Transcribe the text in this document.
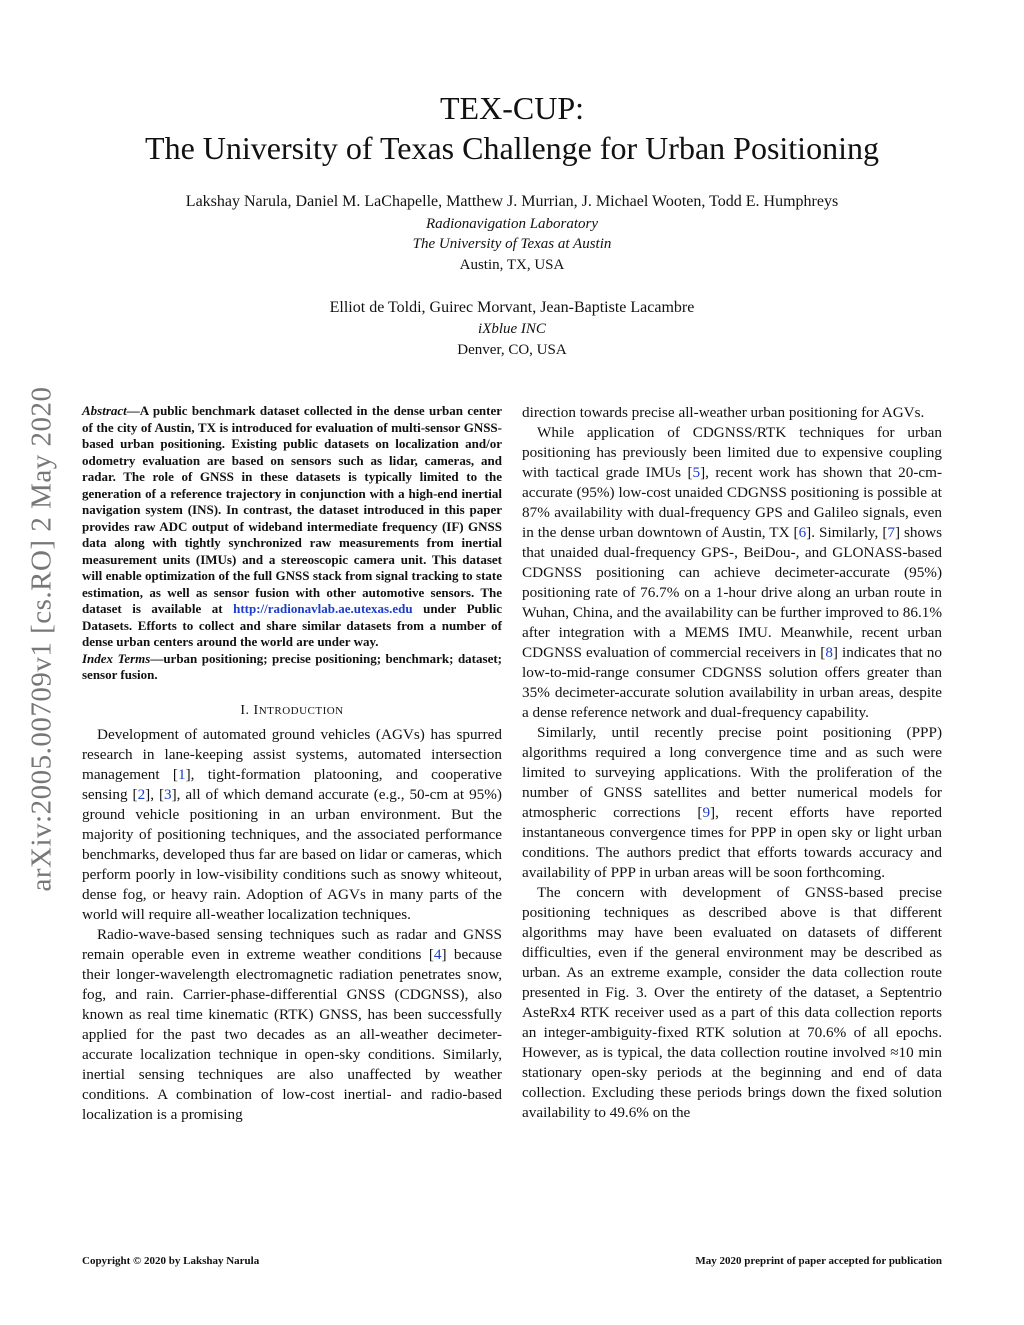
TEX-CUP:
The University of Texas Challenge for Urban Positioning
Lakshay Narula, Daniel M. LaChapelle, Matthew J. Murrian, J. Michael Wooten, Todd E. Humphreys
Radionavigation Laboratory
The University of Texas at Austin
Austin, TX, USA
Elliot de Toldi, Guirec Morvant, Jean-Baptiste Lacambre
iXblue INC
Denver, CO, USA
arXiv:2005.00709v1 [cs.RO] 2 May 2020 Abstract—A public benchmark dataset collected in the dense urban center of the city of Austin, TX is introduced for evaluation of multi-sensor GNSS-based urban positioning. Existing public datasets on localization and/or odometry evaluation are based on sensors such as lidar, cameras, and radar. The role of GNSS in these datasets is typically limited to the generation of a reference trajectory in conjunction with a high-end inertial navigation system (INS). In contrast, the dataset introduced in this paper provides raw ADC output of wideband intermediate frequency (IF) GNSS data along with tightly synchronized raw measurements from inertial measurement units (IMUs) and a stereoscopic camera unit. This dataset will enable optimization of the full GNSS stack from signal tracking to state estimation, as well as sensor fusion with other automotive sensors. The dataset is available at http://radionavlab.ae.utexas.edu under Public Datasets. Efforts to collect and share similar datasets from a number of dense urban centers around the world are under way.

Index Terms—urban positioning; precise positioning; benchmark; dataset; sensor fusion.

I. INTRODUCTION

Development of automated ground vehicles (AGVs) has spurred research in lane-keeping assist systems, automated intersection management [1], tight-formation platooning, and cooperative sensing [2], [3], all of which demand accurate (e.g., 50-cm at 95%) ground vehicle positioning in an urban environment. But the majority of positioning techniques, and the associated performance benchmarks, developed thus far are based on lidar or cameras, which perform poorly in low-visibility conditions such as snowy whiteout, dense fog, or heavy rain. Adoption of AGVs in many parts of the world will require all-weather localization techniques.

Radio-wave-based sensing techniques such as radar and GNSS remain operable even in extreme weather conditions [4] because their longer-wavelength electromagnetic radiation penetrates snow, fog, and rain. Carrier-phase-differential GNSS (CDGNSS), also known as real time kinematic (RTK) GNSS, has been successfully applied for the past two decades as an all-weather decimeter-accurate localization technique in open-sky conditions. Similarly, inertial sensing techniques are also unaffected by weather conditions. A combination of low-cost inertial- and radio-based localization is a promising

direction towards precise all-weather urban positioning for AGVs.

While application of CDGNSS/RTK techniques for urban positioning has previously been limited due to expensive coupling with tactical grade IMUs [5], recent work has shown that 20-cm-accurate (95%) low-cost unaided CDGNSS positioning is possible at 87% availability with dual-frequency GPS and Galileo signals, even in the dense urban downtown of Austin, TX [6]. Similarly, [7] shows that unaided dual-frequency GPS-, BeiDou-, and GLONASS-based CDGNSS positioning can achieve decimeter-accurate (95%) positioning rate of 76.7% on a 1-hour drive along an urban route in Wuhan, China, and the availability can be further improved to 86.1% after integration with a MEMS IMU. Meanwhile, recent urban CDGNSS evaluation of commercial receivers in [8] indicates that no low-to-mid-range consumer CDGNSS solution offers greater than 35% decimeter-accurate solution availability in urban areas, despite a dense reference network and dual-frequency capability.

Similarly, until recently precise point positioning (PPP) algorithms required a long convergence time and as such were limited to surveying applications. With the proliferation of the number of GNSS satellites and better numerical models for atmospheric corrections [9], recent efforts have reported instantaneous convergence times for PPP in open sky or light urban conditions. The authors predict that efforts towards accuracy and availability of PPP in urban areas will be soon forthcoming.

The concern with development of GNSS-based precise positioning techniques as described above is that different algorithms may have been evaluated on datasets of different difficulties, even if the general environment may be described as urban. As an extreme example, consider the data collection route presented in Fig. 3. Over the entirety of the dataset, a Septentrio AsteRx4 RTK receiver used as a part of this data collection reports an integer-ambiguity-fixed RTK solution at 70.6% of all epochs. However, as is typical, the data collection routine involved ≈10 min stationary open-sky periods at the beginning and end of data collection. Excluding these periods brings down the fixed solution availability to 49.6% on the

Copyright © 2020 by Lakshay Narula	May 2020 preprint of paper accepted for publication
